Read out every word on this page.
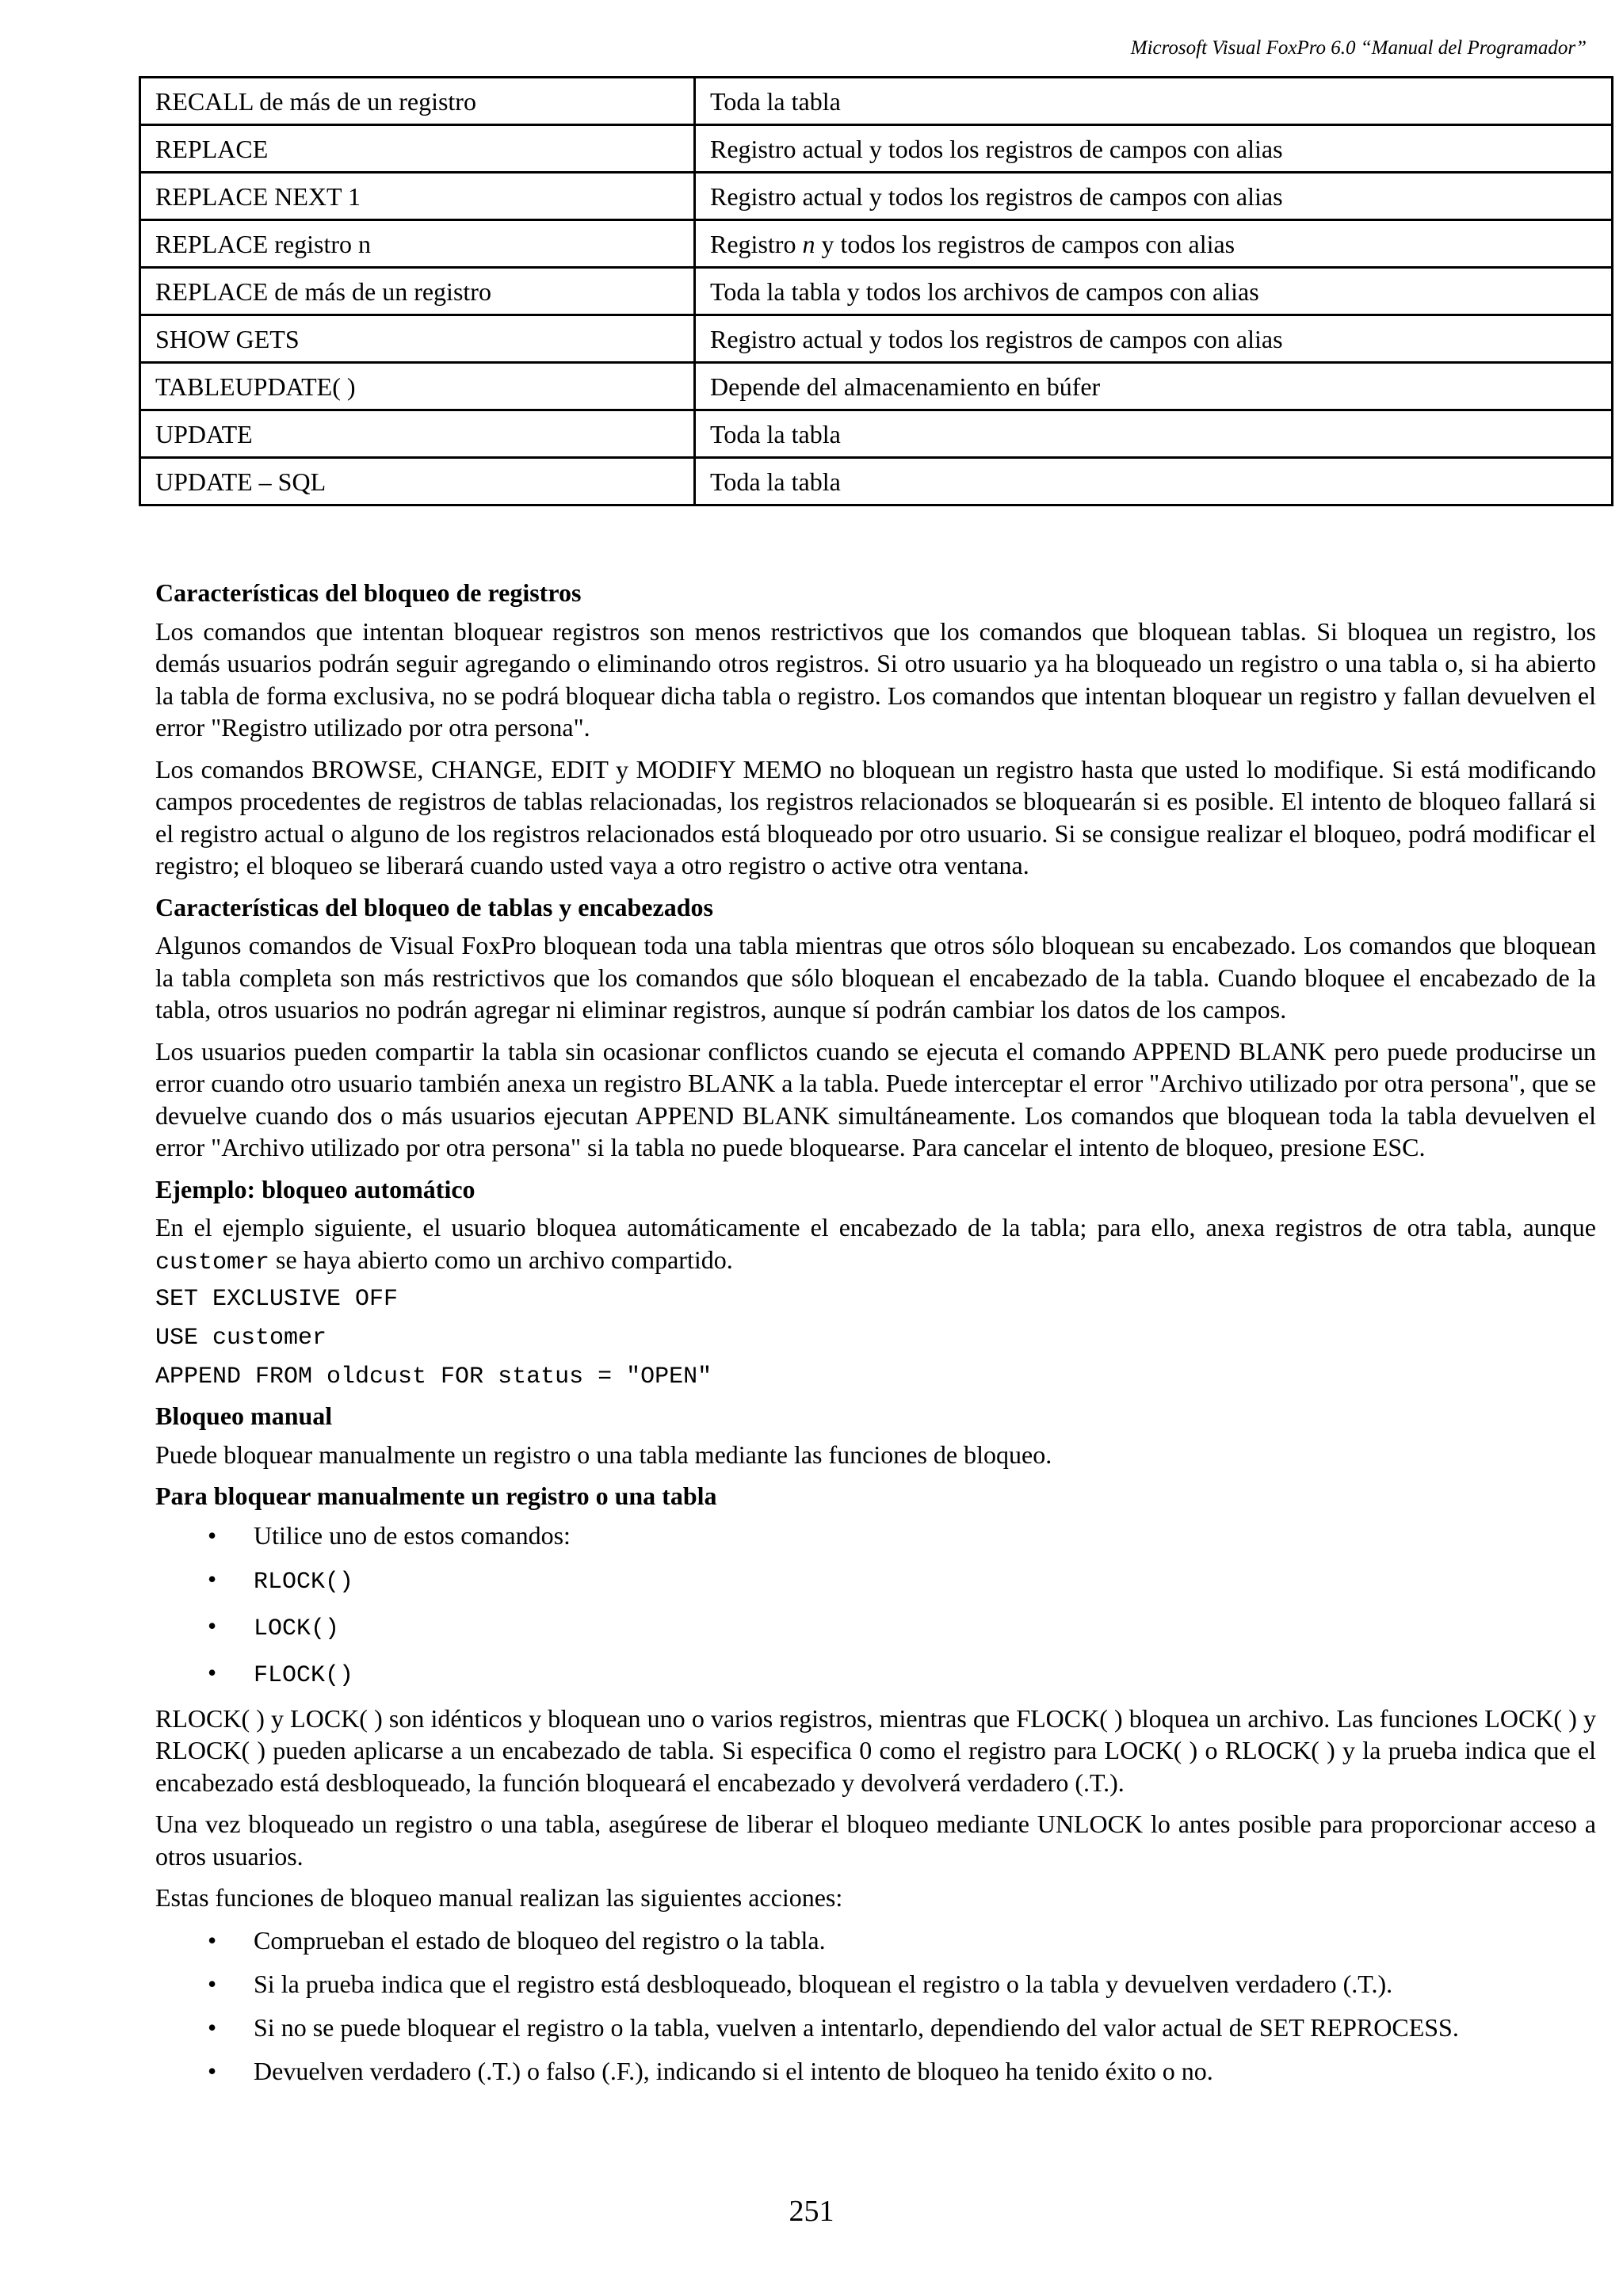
Microsoft Visual FoxPro 6.0 “Manual del Programador”
RECALL de más de un registro	Toda la tabla
REPLACE	Registro actual y todos los registros de campos con alias
REPLACE NEXT 1	Registro actual y todos los registros de campos con alias
REPLACE registro n	Registro n y todos los registros de campos con alias
REPLACE de más de un registro	Toda la tabla y todos los archivos de campos con alias
SHOW GETS	Registro actual y todos los registros de campos con alias
TABLEUPDATE( )	Depende del almacenamiento en búfer
UPDATE	Toda la tabla
UPDATE – SQL	Toda la tabla
Características del bloqueo de registros

Los comandos que intentan bloquear registros son menos restrictivos que los comandos que bloquean tablas. Si bloquea un registro, los demás usuarios podrán seguir agregando o eliminando otros registros. Si otro usuario ya ha bloqueado un registro o una tabla o, si ha abierto la tabla de forma exclusiva, no se podrá bloquear dicha tabla o registro. Los comandos que intentan bloquear un registro y fallan devuelven el error "Registro utilizado por otra persona".

Los comandos BROWSE, CHANGE, EDIT y MODIFY MEMO no bloquean un registro hasta que usted lo modifique. Si está modificando campos procedentes de registros de tablas relacionadas, los registros relacionados se bloquearán si es posible. El intento de bloqueo fallará si el registro actual o alguno de los registros relacionados está bloqueado por otro usuario. Si se consigue realizar el bloqueo, podrá modificar el registro; el bloqueo se liberará cuando usted vaya a otro registro o active otra ventana.

Características del bloqueo de tablas y encabezados

Algunos comandos de Visual FoxPro bloquean toda una tabla mientras que otros sólo bloquean su encabezado. Los comandos que bloquean la tabla completa son más restrictivos que los comandos que sólo bloquean el encabezado de la tabla. Cuando bloquee el encabezado de la tabla, otros usuarios no podrán agregar ni eliminar registros, aunque sí podrán cambiar los datos de los campos.

Los usuarios pueden compartir la tabla sin ocasionar conflictos cuando se ejecuta el comando APPEND BLANK pero puede producirse un error cuando otro usuario también anexa un registro BLANK a la tabla. Puede interceptar el error "Archivo utilizado por otra persona", que se devuelve cuando dos o más usuarios ejecutan APPEND BLANK simultáneamente. Los comandos que bloquean toda la tabla devuelven el error "Archivo utilizado por otra persona" si la tabla no puede bloquearse. Para cancelar el intento de bloqueo, presione ESC.

Ejemplo: bloqueo automático

En el ejemplo siguiente, el usuario bloquea automáticamente el encabezado de la tabla; para ello, anexa registros de otra tabla, aunque customer se haya abierto como un archivo compartido.

SET EXCLUSIVE OFF
USE customer
APPEND FROM oldcust FOR status = "OPEN"
Bloqueo manual

Puede bloquear manualmente un registro o una tabla mediante las funciones de bloqueo.

Para bloquear manualmente un registro o una tabla
• Utilice uno de estos comandos:
• RLOCK()
• LOCK()
• FLOCK()

RLOCK( ) y LOCK( ) son idénticos y bloquean uno o varios registros, mientras que FLOCK( ) bloquea un archivo. Las funciones LOCK( ) y RLOCK( ) pueden aplicarse a un encabezado de tabla. Si especifica 0 como el registro para LOCK( ) o RLOCK( ) y la prueba indica que el encabezado está desbloqueado, la función bloqueará el encabezado y devolverá verdadero (.T.).

Una vez bloqueado un registro o una tabla, asegúrese de liberar el bloqueo mediante UNLOCK lo antes posible para proporcionar acceso a otros usuarios.

Estas funciones de bloqueo manual realizan las siguientes acciones:

• Comprueban el estado de bloqueo del registro o la tabla.
• Si la prueba indica que el registro está desbloqueado, bloquean el registro o la tabla y devuelven verdadero (.T.).
• Si no se puede bloquear el registro o la tabla, vuelven a intentarlo, dependiendo del valor actual de SET REPROCESS.
• Devuelven verdadero (.T.) o falso (.F.), indicando si el intento de bloqueo ha tenido éxito o no.
251
